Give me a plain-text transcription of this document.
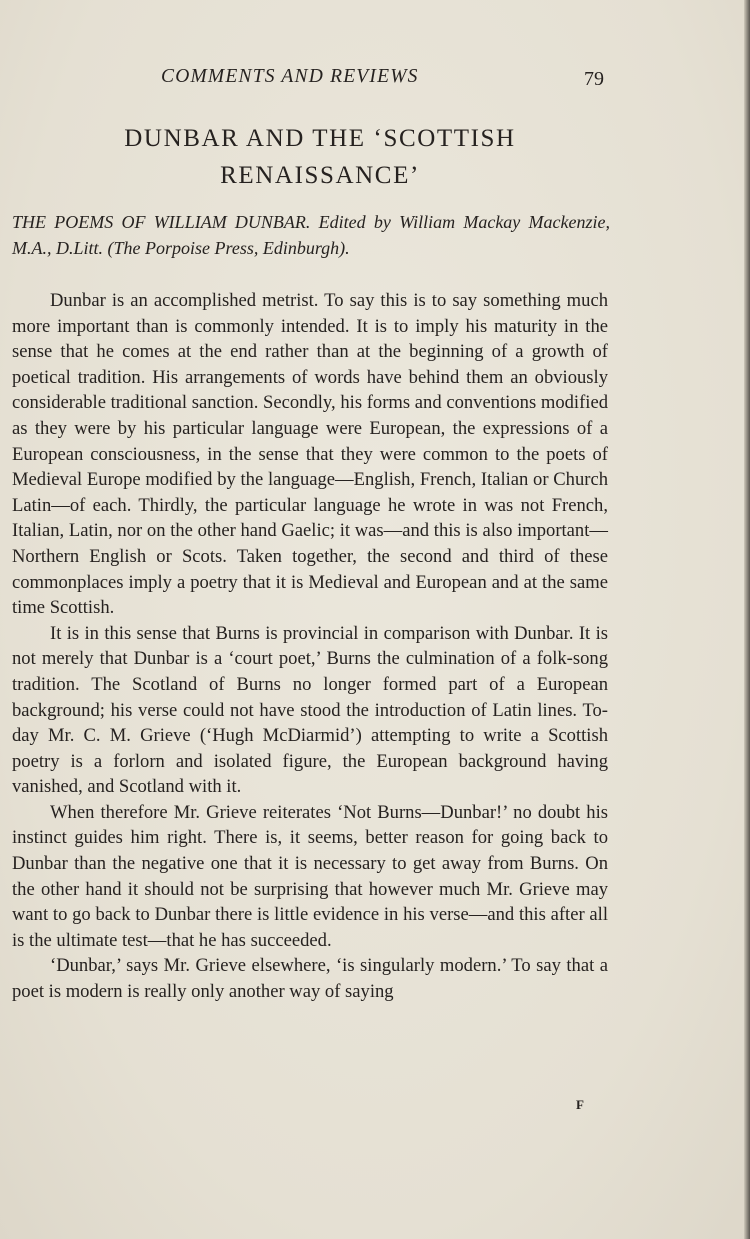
COMMENTS AND REVIEWS	79
DUNBAR AND THE ‘SCOTTISH
RENAISSANCE’
THE POEMS OF WILLIAM DUNBAR. Edited by William Mackay Mackenzie, M.A., D.Litt. (The Porpoise Press, Edinburgh).

Dunbar is an accomplished metrist. To say this is to say something much more important than is commonly intended. It is to imply his maturity in the sense that he comes at the end rather than at the beginning of a growth of poetical tradition. His arrangements of words have behind them an obviously considerable traditional sanction. Secondly, his forms and conventions modified as they were by his particular language were European, the expressions of a European consciousness, in the sense that they were common to the poets of Medieval Europe modified by the language—English, French, Italian or Church Latin—of each. Thirdly, the particular language he wrote in was not French, Italian, Latin, nor on the other hand Gaelic; it was—and this is also important—Northern English or Scots. Taken together, the second and third of these commonplaces imply a poetry that it is Medieval and European and at the same time Scottish.

It is in this sense that Burns is provincial in comparison with Dunbar. It is not merely that Dunbar is a ‘court poet,’ Burns the culmination of a folk-song tradition. The Scotland of Burns no longer formed part of a European background; his verse could not have stood the introduction of Latin lines. To-day Mr. C. M. Grieve (‘Hugh McDiarmid’) attempting to write a Scottish poetry is a forlorn and isolated figure, the European background having vanished, and Scotland with it.

When therefore Mr. Grieve reiterates ‘Not Burns—Dunbar!’ no doubt his instinct guides him right. There is, it seems, better reason for going back to Dunbar than the negative one that it is necessary to get away from Burns. On the other hand it should not be surprising that however much Mr. Grieve may want to go back to Dunbar there is little evidence in his verse—and this after all is the ultimate test—that he has succeeded.

‘Dunbar,’ says Mr. Grieve elsewhere, ‘is singularly modern.’ To say that a poet is modern is really only another way of saying

F
